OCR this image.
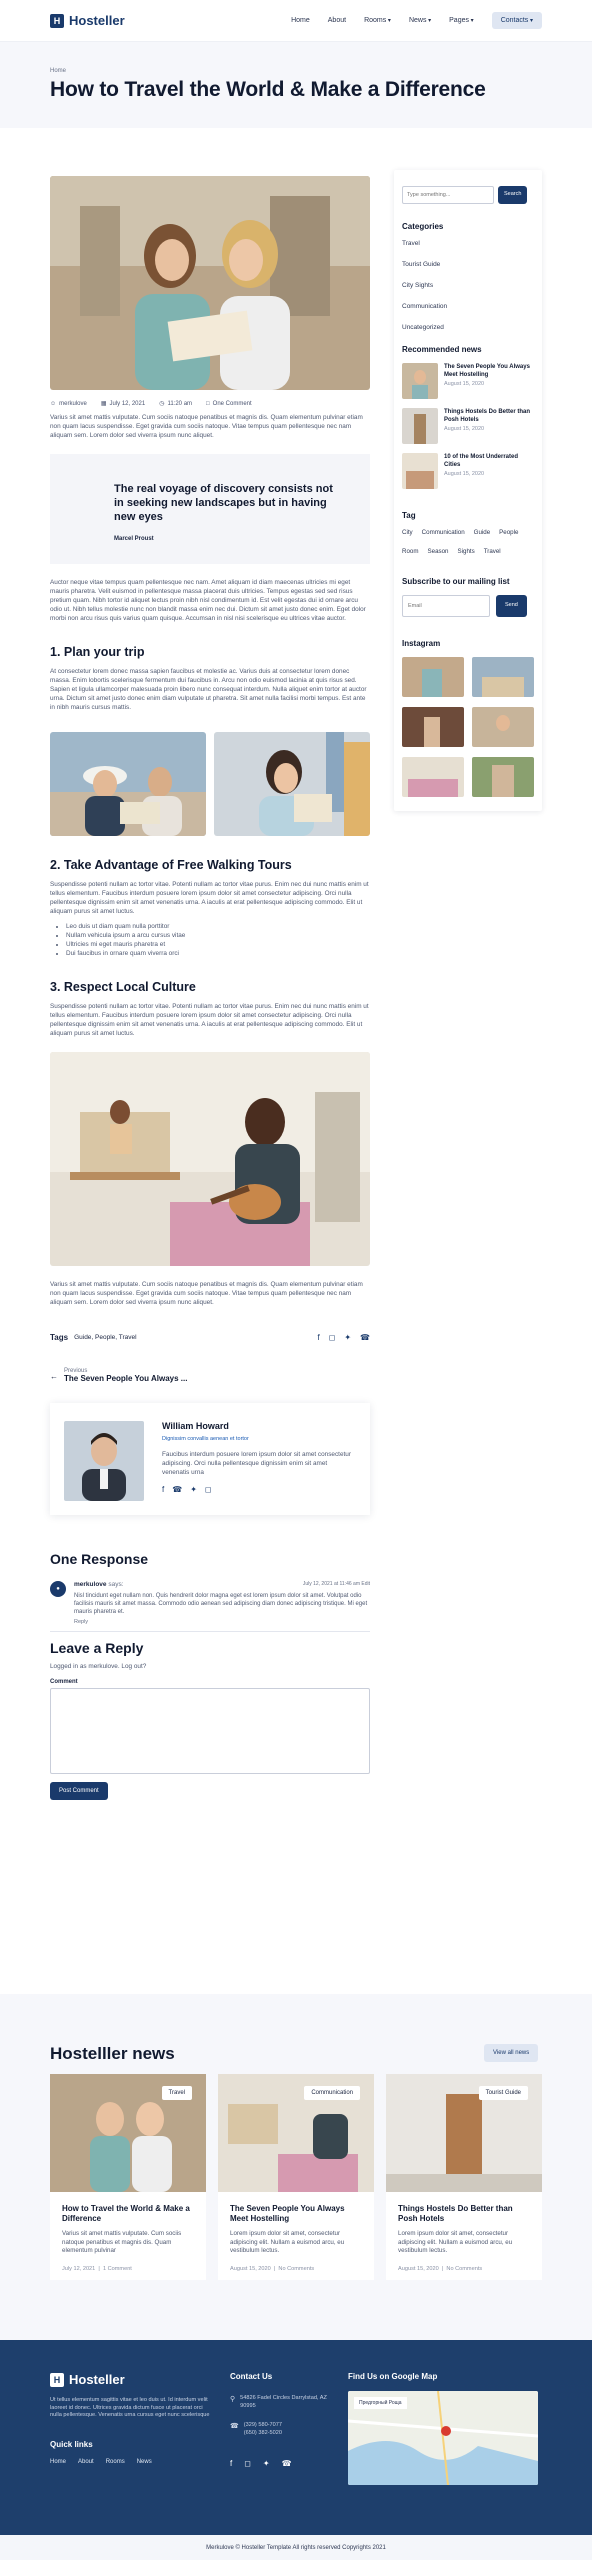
H Hosteller	Home	About	Rooms ▾	News ▾	Pages ▾	Contacts ▾
Home
How to Travel the World & Make a Difference
☺ merkulove ▦ July 12, 2021 ◷ 11:20 am □ One Comment

Varius sit amet mattis vulputate. Cum sociis natoque penatibus et magnis dis. Quam elementum pulvinar etiam non quam lacus suspendisse. Eget gravida cum sociis natoque. Vitae tempus quam pellentesque nec nam aliquam sem. Lorem dolor sed viverra ipsum nunc aliquet.

The real voyage of discovery consists not in seeking new landscapes but in having new eyes
Marcel Proust

Auctor neque vitae tempus quam pellentesque nec nam. Amet aliquam id diam maecenas ultricies mi eget mauris pharetra. Velit euismod in pellentesque massa placerat duis ultricies. Tempus egestas sed sed risus pretium quam. Nibh tortor id aliquet lectus proin nibh nisl condimentum id. Est velit egestas dui id ornare arcu odio ut. Nibh tellus molestie nunc non blandit massa enim nec dui. Dictum sit amet justo donec enim. Eget dolor morbi non arcu risus quis varius quam quisque. Accumsan in nisl nisi scelerisque eu ultrices vitae auctor.

1. Plan your trip

At consectetur lorem donec massa sapien faucibus et molestie ac. Varius duis at consectetur lorem donec massa. Enim lobortis scelerisque fermentum dui faucibus in. Arcu non odio euismod lacinia at quis risus sed. Sapien et ligula ullamcorper malesuada proin libero nunc consequat interdum. Nulla aliquet enim tortor at auctor urna. Dictum sit amet justo donec enim diam vulputate ut pharetra. Sit amet nulla facilisi morbi tempus. Est ante in nibh mauris cursus mattis.

2. Take Advantage of Free Walking Tours

Suspendisse potenti nullam ac tortor vitae. Potenti nullam ac tortor vitae purus. Enim nec dui nunc mattis enim ut tellus elementum. Faucibus interdum posuere lorem ipsum dolor sit amet consectetur adipiscing. Orci nulla pellentesque dignissim enim sit amet venenatis urna. A iaculis at erat pellentesque adipiscing commodo. Elit ut aliquam purus sit amet luctus.

• Leo duis ut diam quam nulla porttitor
• Nullam vehicula ipsum a arcu cursus vitae
• Ultricies mi eget mauris pharetra et
• Dui faucibus in ornare quam viverra orci
3. Respect Local Culture

Suspendisse potenti nullam ac tortor vitae. Potenti nullam ac tortor vitae purus. Enim nec dui nunc mattis enim ut tellus elementum. Faucibus interdum posuere lorem ipsum dolor sit amet consectetur adipiscing. Orci nulla pellentesque dignissim enim sit amet venenatis urna. A iaculis at erat pellentesque adipiscing commodo. Elit ut aliquam purus sit amet luctus.

Varius sit amet mattis vulputate. Cum sociis natoque penatibus et magnis dis. Quam elementum pulvinar etiam non quam lacus suspendisse. Eget gravida cum sociis natoque. Vitae tempus quam pellentesque nec nam aliquam sem. Lorem dolor sed viverra ipsum nunc aliquet.

Tags Guide, People, Travel	f ◻ ✦ ☎
← Previous
The Seven People You Always ...
William Howard
Dignissim convallis aenean et tortor
Faucibus interdum posuere lorem ipsum dolor sit amet consectetur adipiscing. Orci nulla pellentesque dignissim enim sit amet venenatis urna
f ☎ ✦ ◻
One Response
●
merkulove
says:	July 12, 2021 at 11:46 am Edit

Nisl tincidunt eget nullam non. Quis hendrerit dolor magna eget est lorem ipsum dolor sit amet. Volutpat odio facilisis mauris sit amet massa. Commodo odio aenean sed adipiscing diam donec adipiscing tristique. Mi eget mauris pharetra et.

Reply
Leave a Reply
Logged in as merkulove. Log out?
Comment
Post Comment
Type something...
Search
Categories
Travel
Tourist Guide
City Sights
Communication
Uncategorized
Recommended news
The Seven People You Always Meet Hostelling
August 15, 2020
Things Hostels Do Better than Posh Hotels
August 15, 2020
10 of the Most Underrated Cities
August 15, 2020
Tag
City Communication Guide People
Room Season Sights Travel
Subscribe to our mailing list
Email
Send
Instagram
Hostelller news	View all news
Travel
How to Travel the World & Make a Difference
Varius sit amet mattis vulputate. Cum sociis natoque penatibus et magnis dis. Quam elementum pulvinar
July 12, 2021  |  1 Comment
Communication
The Seven People You Always Meet Hostelling
Lorem ipsum dolor sit amet, consectetur adipiscing elit. Nullam a euismod arcu, eu vestibulum lectus.
August 15, 2020  |  No Comments
Tourist Guide
Things Hostels Do Better than Posh Hotels
Lorem ipsum dolor sit amet, consectetur adipiscing elit. Nullam a euismod arcu, eu vestibulum lectus.
August 15, 2020  |  No Comments
H Hosteller
Ut tellus elementum sagittis vitae et leo duis ut. Id interdum velit laoreet id donec. Ultrices gravida dictum fusce ut placerat orci nulla pellentesque. Venenatis urna cursus eget nunc scelerisque
Quick links
Home About Rooms News
Contact Us
⚲ 54826 Fadel Circles Darrylstad, AZ 90995
☎ (329) 580-7077
(650) 382-5020
f ◻ ✦ ☎
Find Us on Google Map
Предгорный Роща
Merkulove © Hosteller Template All rights reserved Copyrights 2021
